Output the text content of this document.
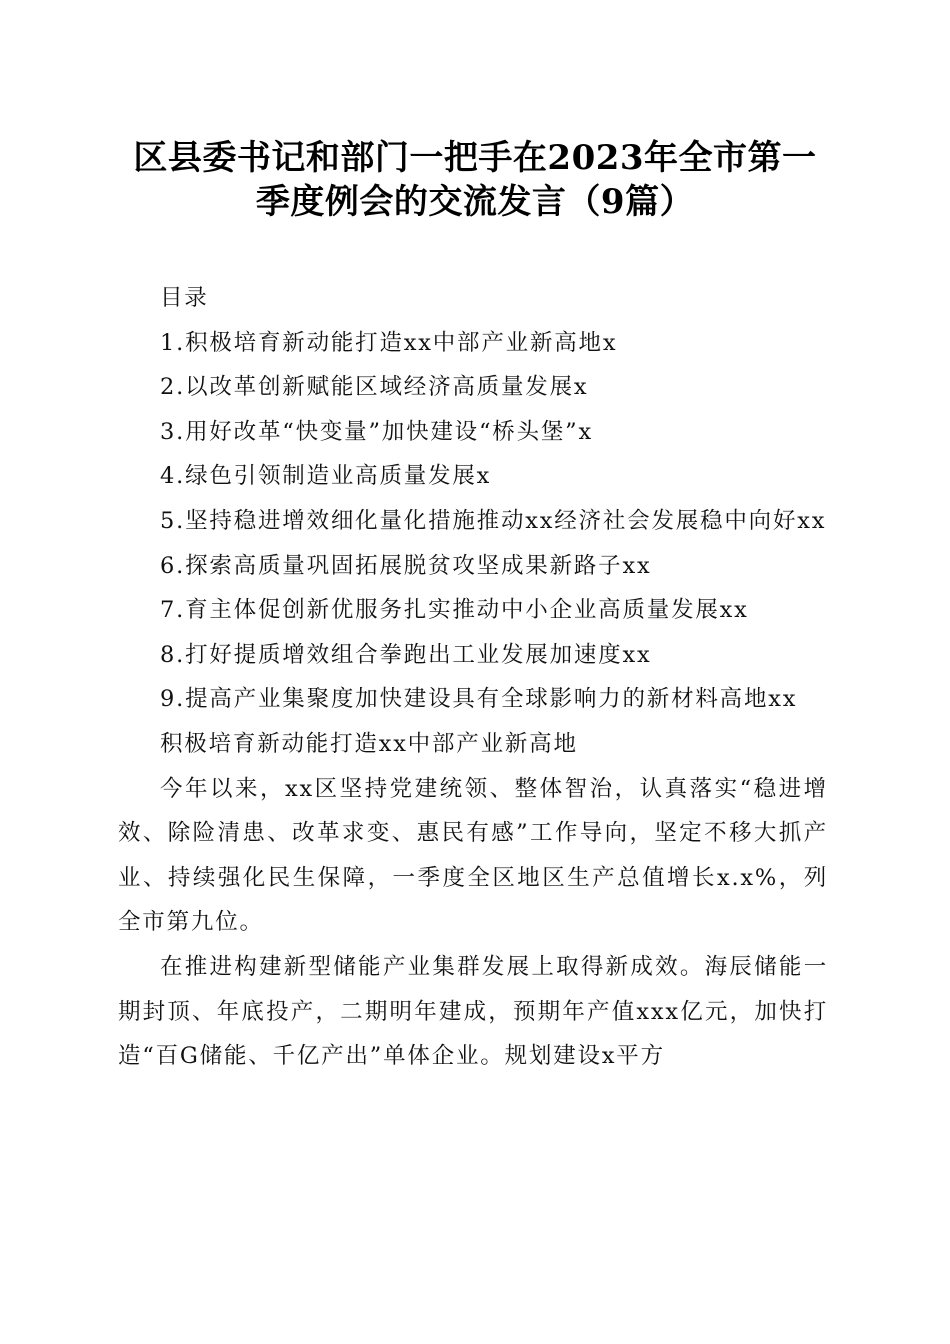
区县委书记和部门一把手在2023年全市第一季度例会的交流发言（9篇）

目录

1.积极培育新动能打造xx中部产业新高地x

2.以改革创新赋能区域经济高质量发展x

3.用好改革“快变量”加快建设“桥头堡”x

4.绿色引领制造业高质量发展x

5.坚持稳进增效细化量化措施推动xx经济社会发展稳中向好xx

6.探索高质量巩固拓展脱贫攻坚成果新路子xx

7.育主体促创新优服务扎实推动中小企业高质量发展xx

8.打好提质增效组合拳跑出工业发展加速度xx

9.提高产业集聚度加快建设具有全球影响力的新材料高地xx

积极培育新动能打造xx中部产业新高地

今年以来，xx区坚持党建统领、整体智治，认真落实“稳进增效、除险清患、改革求变、惠民有感”工作导向，坚定不移大抓产业、持续强化民生保障，一季度全区地区生产总值增长x.x%，列全市第九位。

在推进构建新型储能产业集群发展上取得新成效。海辰储能一期封顶、年底投产，二期明年建成，预期年产值xxx亿元，加快打造“百G储能、千亿产出”单体企业。规划建设x平方
